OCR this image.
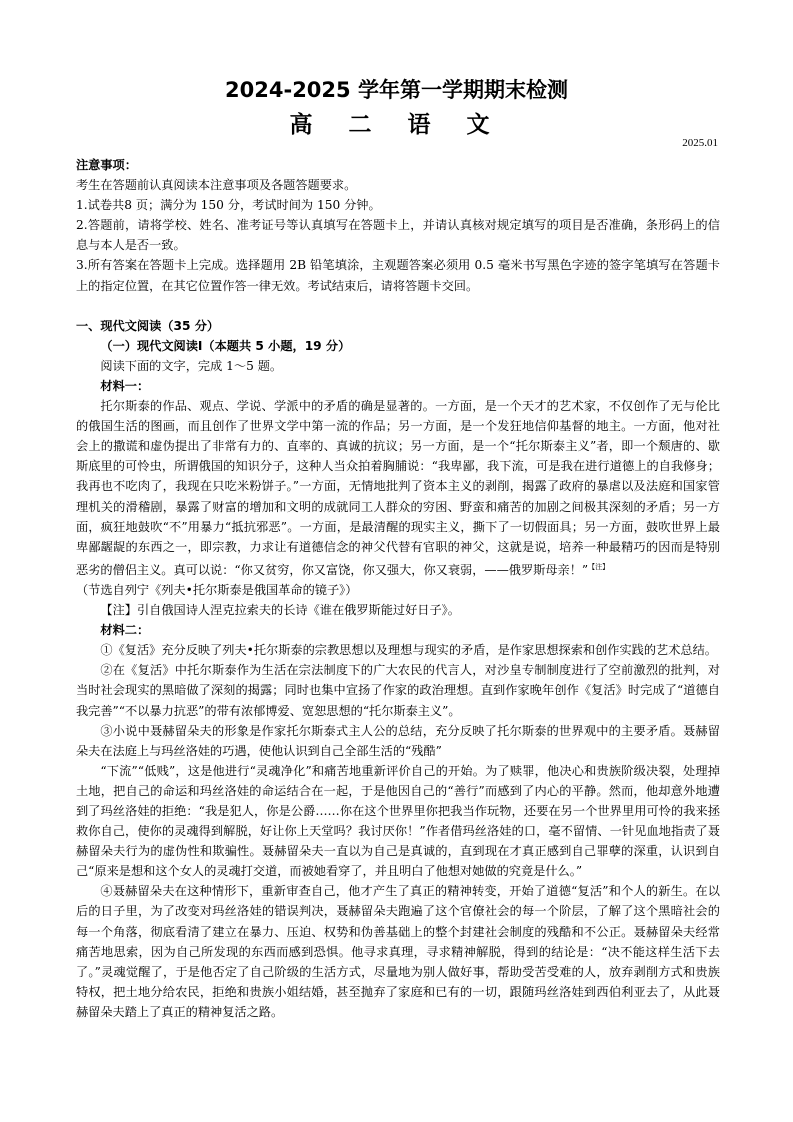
2024-2025 学年第一学期期末检测
高 二 语 文
2025.01

注意事项：

考生在答题前认真阅读本注意事项及各题答题要求。

1.试卷共8 页；满分为 150 分，考试时间为 150 分钟。

2.答题前，请将学校、姓名、准考证号等认真填写在答题卡上，并请认真核对规定填写的项目是否准确，条形码上的信息与本人是否一致。

3.所有答案在答题卡上完成。选择题用 2B 铅笔填涂，主观题答案必须用 0.5 毫米书写黑色字迹的签字笔填写在答题卡上的指定位置，在其它位置作答一律无效。考试结束后，请将答题卡交回。

一、现代文阅读（35 分）

（一）现代文阅读Ⅰ（本题共 5 小题，19 分）

阅读下面的文字，完成 1～5 题。

材料一：

托尔斯泰的作品、观点、学说、学派中的矛盾的确是显著的。一方面，是一个天才的艺术家，不仅创作了无与伦比的俄国生活的图画，而且创作了世界文学中第一流的作品；另一方面，是一个发狂地信仰基督的地主。一方面，他对社会上的撒谎和虚伪提出了非常有力的、直率的、真诚的抗议；另一方面，是一个“托尔斯泰主义”者，即一个颓唐的、歇斯底里的可怜虫，所谓俄国的知识分子，这种人当众拍着胸脯说：“我卑鄙，我下流，可是我在进行道德上的自我修身；我再也不吃肉了，我现在只吃米粉饼子。”一方面，无情地批判了资本主义的剥削，揭露了政府的暴虐以及法庭和国家管理机关的滑稽剧，暴露了财富的增加和文明的成就同工人群众的穷困、野蛮和痛苦的加剧之间极其深刻的矛盾；另一方面，疯狂地鼓吹“不”用暴力“抵抗邪恶”。一方面，是最清醒的现实主义，撕下了一切假面具；另一方面，鼓吹世界上最卑鄙龌龊的东西之一，即宗教，力求让有道德信念的神父代替有官职的神父，这就是说，培养一种最精巧的因而是特别恶劣的僧侣主义。真可以说：“你又贫穷，你又富饶，你又强大，你又衰弱，——俄罗斯母亲！”$^{【注】}$

（节选自列宁《列夫•托尔斯泰是俄国革命的镜子》）

【注】引自俄国诗人涅克拉索夫的长诗《谁在俄罗斯能过好日子》。

材料二：

①《复活》充分反映了列夫•托尔斯泰的宗教思想以及理想与现实的矛盾，是作家思想探索和创作实践的艺术总结。

②在《复活》中托尔斯泰作为生活在宗法制度下的广大农民的代言人，对沙皇专制制度进行了空前激烈的批判，对当时社会现实的黑暗做了深刻的揭露；同时也集中宣扬了作家的政治理想。直到作家晚年创作《复活》时完成了“道德自我完善”“不以暴力抗恶”的带有浓郁博爱、宽恕思想的“托尔斯泰主义”。

③小说中聂赫留朵夫的形象是作家托尔斯泰式主人公的总结，充分反映了托尔斯泰的世界观中的主要矛盾。聂赫留朵夫在法庭上与玛丝洛娃的巧遇，使他认识到自己全部生活的“残酷”

“下流”“低贱”，这是他进行“灵魂净化”和痛苦地重新评价自己的开始。为了赎罪，他决心和贵族阶级决裂，处理掉土地，把自己的命运和玛丝洛娃的命运结合在一起，于是他因自己的“善行”而感到了内心的平静。然而，他却意外地遭到了玛丝洛娃的拒绝：“我是犯人，你是公爵……你在这个世界里你把我当作玩物，还要在另一个世界里用可怜的我来拯救你自己，使你的灵魂得到解脱，好让你上天堂吗？我讨厌你！”作者借玛丝洛娃的口，毫不留情、一针见血地指责了聂赫留朵夫行为的虚伪性和欺骗性。聂赫留朵夫一直以为自己是真诚的，直到现在才真正感到自己罪孽的深重，认识到自己“原来是想和这个女人的灵魂打交道，而被她看穿了，并且明白了他想对她做的究竟是什么。”

④聂赫留朵夫在这种情形下，重新审查自己，他才产生了真正的精神转变，开始了道德“复活”和个人的新生。在以后的日子里，为了改变对玛丝洛娃的错误判决，聂赫留朵夫跑遍了这个官僚社会的每一个阶层，了解了这个黑暗社会的每一个角落，彻底看清了建立在暴力、压迫、权势和伪善基础上的整个封建社会制度的残酷和不公正。聂赫留朵夫经常痛苦地思索，因为自己所发现的东西而感到恐惧。他寻求真理，寻求精神解脱，得到的结论是：“决不能这样生活下去了。”灵魂觉醒了，于是他否定了自己阶级的生活方式，尽量地为别人做好事，帮助受苦受难的人，放弃剥削方式和贵族特权，把土地分给农民，拒绝和贵族小姐结婚，甚至抛弃了家庭和已有的一切，跟随玛丝洛娃到西伯利亚去了，从此聂赫留朵夫踏上了真正的精神复活之路。
